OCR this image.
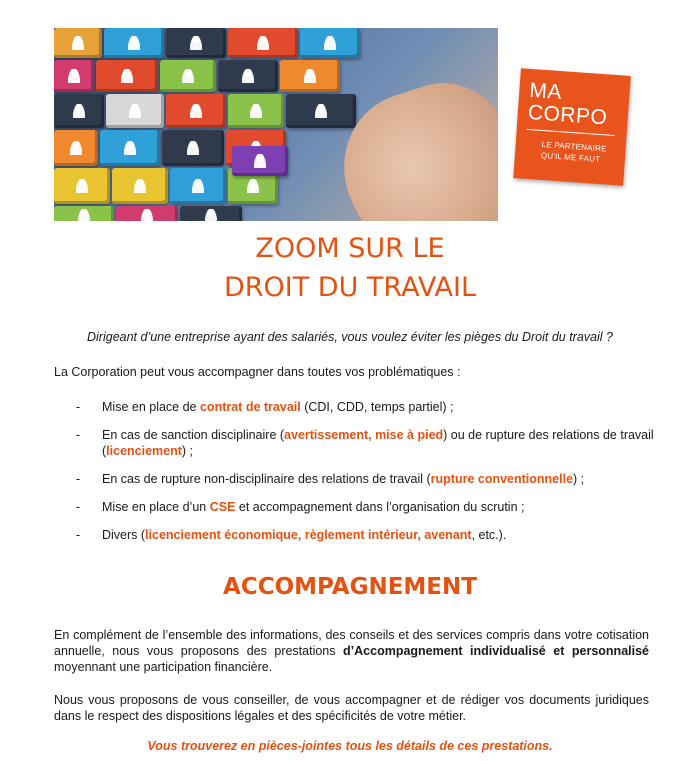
MA
CORPO
LE PARTENAIRE
QU'IL ME FAUT
ZOOM SUR LE
DROIT DU TRAVAIL
Dirigeant d’une entreprise ayant des salariés, vous voulez éviter les pièges du Droit du travail ?

La Corporation peut vous accompagner dans toutes vos problématiques :

- Mise en place de contrat de travail (CDI, CDD, temps partiel) ;
- En cas de sanction disciplinaire (avertissement, mise à pied) ou de rupture des relations de travail (licenciement) ;
- En cas de rupture non-disciplinaire des relations de travail (rupture conventionnelle) ;
- Mise en place d’un CSE et accompagnement dans l’organisation du scrutin ;
- Divers (licenciement économique, règlement intérieur, avenant, etc.).
ACCOMPAGNEMENT

En complément de l’ensemble des informations, des conseils et des services compris dans votre cotisation annuelle, nous vous proposons des prestations d’Accompagnement individualisé et personnalisé moyennant une participation financière.

Nous vous proposons de vous conseiller, de vous accompagner et de rédiger vos documents juridiques dans le respect des dispositions légales et des spécificités de votre métier.

Vous trouverez en pièces-jointes tous les détails de ces prestations.
